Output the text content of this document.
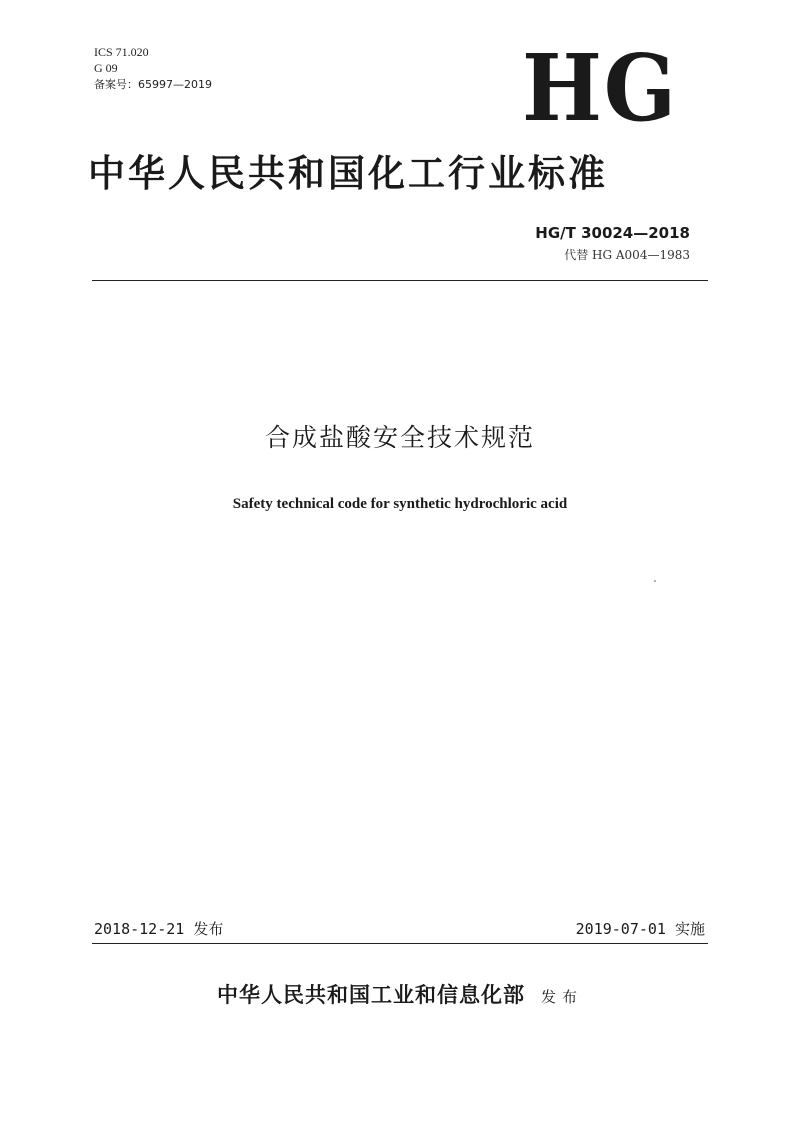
ICS 71.020
G 09
备案号：65997—2019	HG
中华人民共和国化工行业标准
HG/T 30024—2018
代替 HG A004—1983
合成盐酸安全技术规范
Safety technical code for synthetic hydrochloric acid
2018-12-21 发布	2019-07-01 实施
中华人民共和国工业和信息化部 发布
